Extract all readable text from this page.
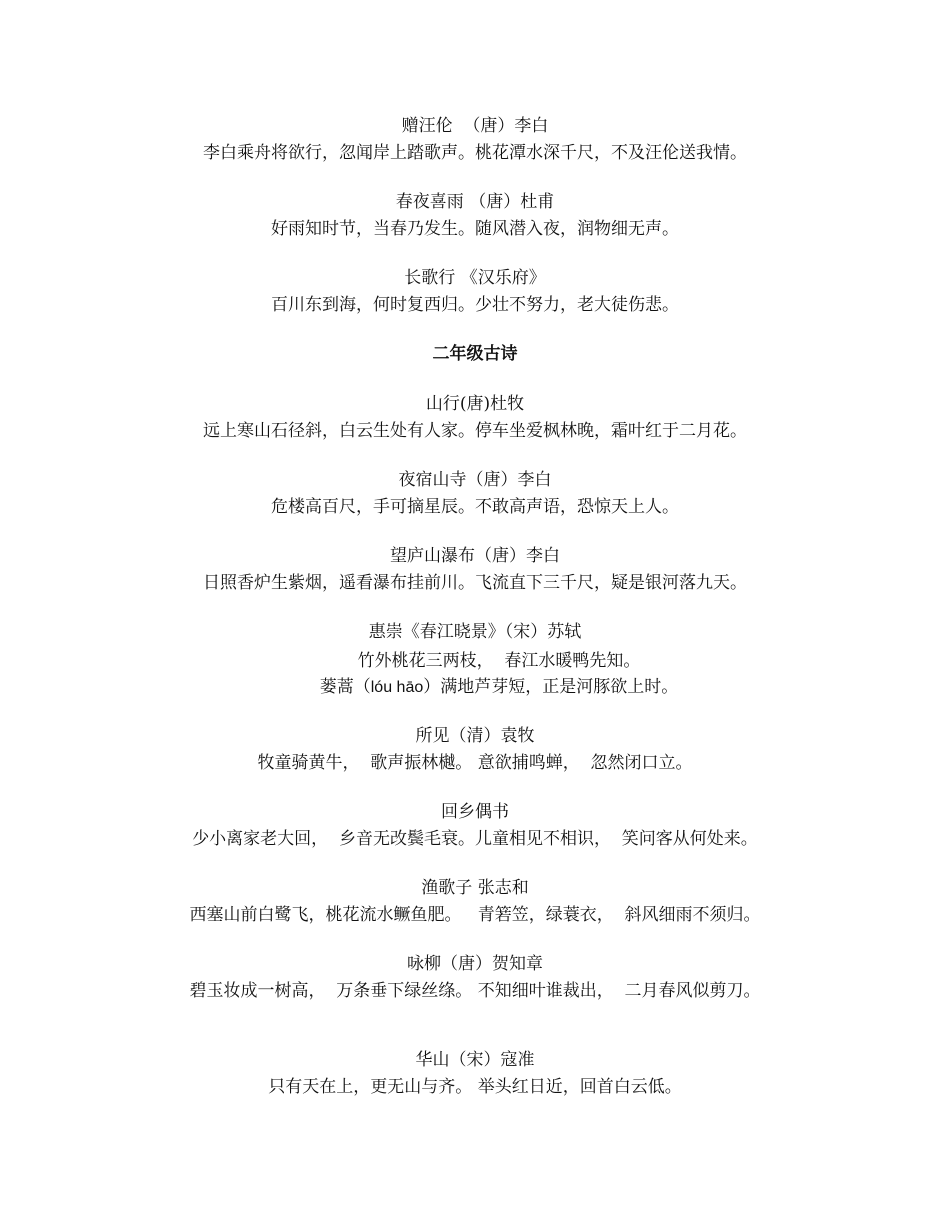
赠汪伦  （唐）李白
李白乘舟将欲行，忽闻岸上踏歌声。桃花潭水深千尺，不及汪伦送我情。
春夜喜雨 （唐）杜甫
好雨知时节，当春乃发生。随风潜入夜，润物细无声。
长歌行 《汉乐府》
百川东到海，何时复西归。少壮不努力，老大徒伤悲。
二年级古诗
山行(唐)杜牧
远上寒山石径斜，白云生处有人家。停车坐爱枫林晚，霜叶红于二月花。
夜宿山寺（唐）李白
危楼高百尺，手可摘星辰。不敢高声语，恐惊天上人。
望庐山瀑布（唐）李白
日照香炉生紫烟，遥看瀑布挂前川。飞流直下三千尺，疑是银河落九天。
惠崇《春江晓景》（宋）苏轼
竹外桃花三两枝，  春江水暖鸭先知。
蒌蒿（lóu hāo）满地芦芽短，正是河豚欲上时。
所见（清）袁牧
牧童骑黄牛，  歌声振林樾。 意欲捕鸣蝉，  忽然闭口立。
回乡偶书
少小离家老大回，  乡音无改鬓毛衰。儿童相见不相识，  笑问客从何处来。
渔歌子 张志和
西塞山前白鹭飞，桃花流水鳜鱼肥。   青箬笠，绿蓑衣，  斜风细雨不须归。
咏柳（唐）贺知章
碧玉妆成一树高，  万条垂下绿丝绦。 不知细叶谁裁出，  二月春风似剪刀。
华山（宋）寇准
只有天在上，更无山与齐。 举头红日近，回首白云低。
